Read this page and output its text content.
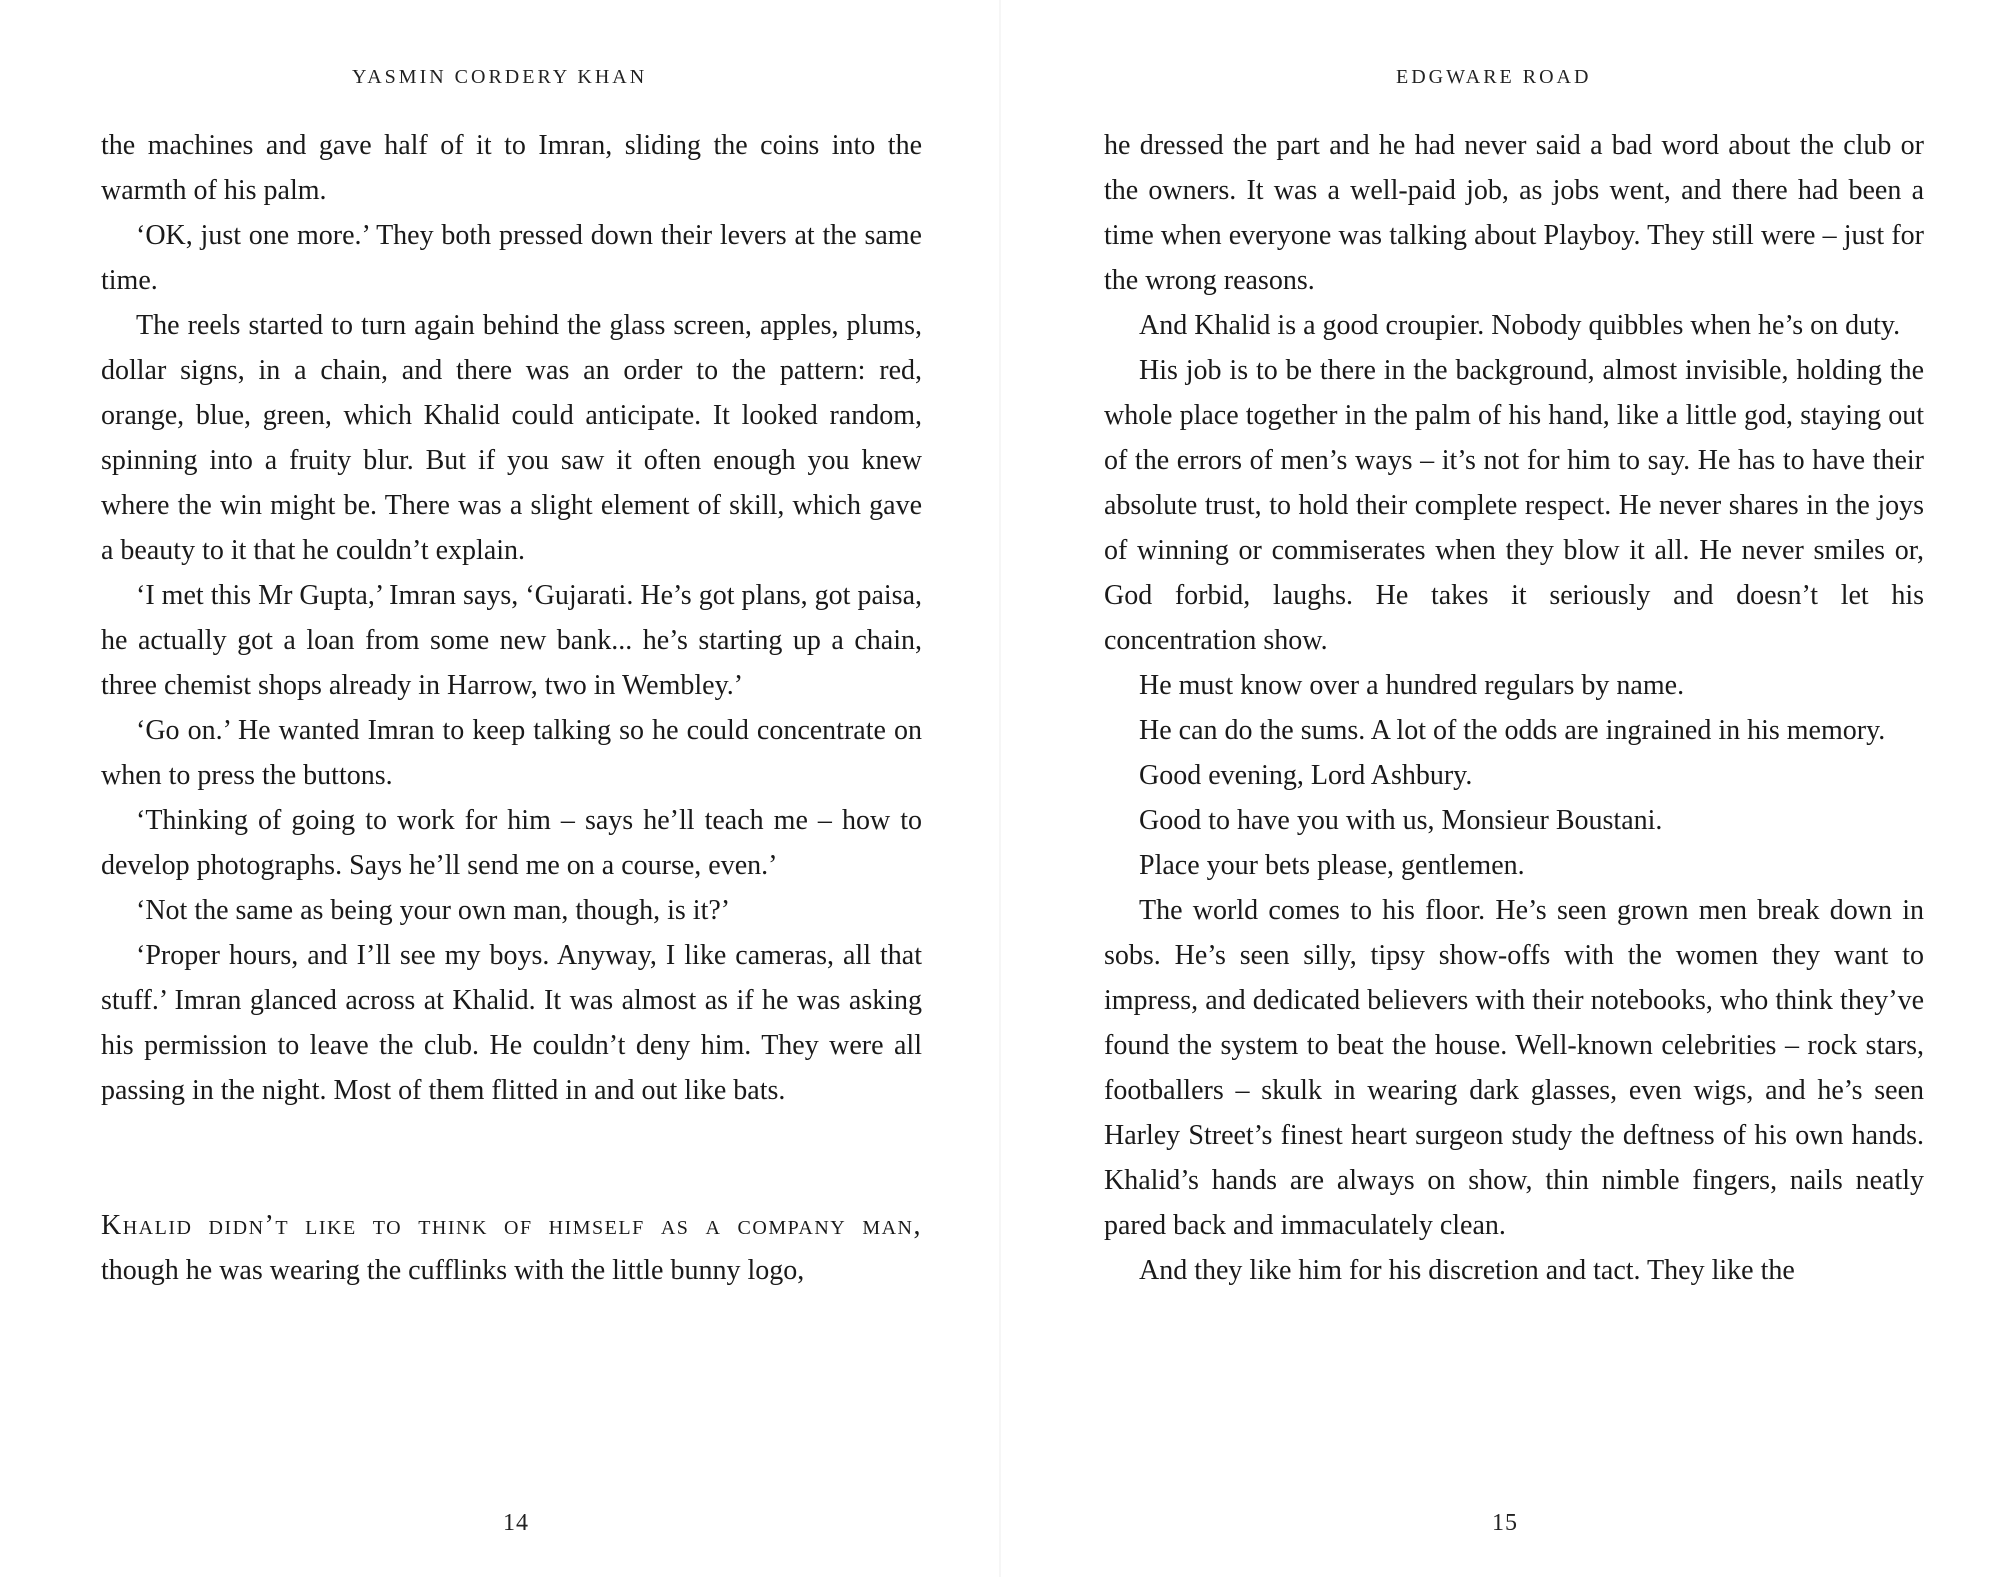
YASMIN CORDERY KHAN

the machines and gave half of it to Imran, sliding the coins into the warmth of his palm.

‘OK, just one more.’ They both pressed down their levers at the same time.

The reels started to turn again behind the glass screen, apples, plums, dollar signs, in a chain, and there was an order to the pattern: red, orange, blue, green, which Khalid could anticipate. It looked random, spinning into a fruity blur. But if you saw it often enough you knew where the win might be. There was a slight element of skill, which gave a beauty to it that he couldn’t explain.

‘I met this Mr Gupta,’ Imran says, ‘Gujarati. He’s got plans, got paisa, he actually got a loan from some new bank... he’s starting up a chain, three chemist shops already in Harrow, two in Wembley.’

‘Go on.’ He wanted Imran to keep talking so he could concentrate on when to press the buttons.

‘Thinking of going to work for him – says he’ll teach me – how to develop photographs. Says he’ll send me on a course, even.’

‘Not the same as being your own man, though, is it?’

‘Proper hours, and I’ll see my boys. Anyway, I like cameras, all that stuff.’ Imran glanced across at Khalid. It was almost as if he was asking his permission to leave the club. He couldn’t deny him. They were all passing in the night. Most of them flitted in and out like bats.

Khalid didn’t like to think of himself as a company man, though he was wearing the cufflinks with the little bunny logo,

14
EDGWARE ROAD

he dressed the part and he had never said a bad word about the club or the owners. It was a well-paid job, as jobs went, and there had been a time when everyone was talking about Playboy. They still were – just for the wrong reasons.

And Khalid is a good croupier. Nobody quibbles when he’s on duty.

His job is to be there in the background, almost invisible, holding the whole place together in the palm of his hand, like a little god, staying out of the errors of men’s ways – it’s not for him to say. He has to have their absolute trust, to hold their complete respect. He never shares in the joys of winning or commiserates when they blow it all. He never smiles or, God forbid, laughs. He takes it seriously and doesn’t let his concentration show.

He must know over a hundred regulars by name.

He can do the sums. A lot of the odds are ingrained in his memory.

Good evening, Lord Ashbury.

Good to have you with us, Monsieur Boustani.

Place your bets please, gentlemen.

The world comes to his floor. He’s seen grown men break down in sobs. He’s seen silly, tipsy show-offs with the women they want to impress, and dedicated believers with their notebooks, who think they’ve found the system to beat the house. Well-known celebrities – rock stars, footballers – skulk in wearing dark glasses, even wigs, and he’s seen Harley Street’s finest heart surgeon study the deftness of his own hands. Khalid’s hands are always on show, thin nimble fingers, nails neatly pared back and immaculately clean.

And they like him for his discretion and tact. They like the

15
